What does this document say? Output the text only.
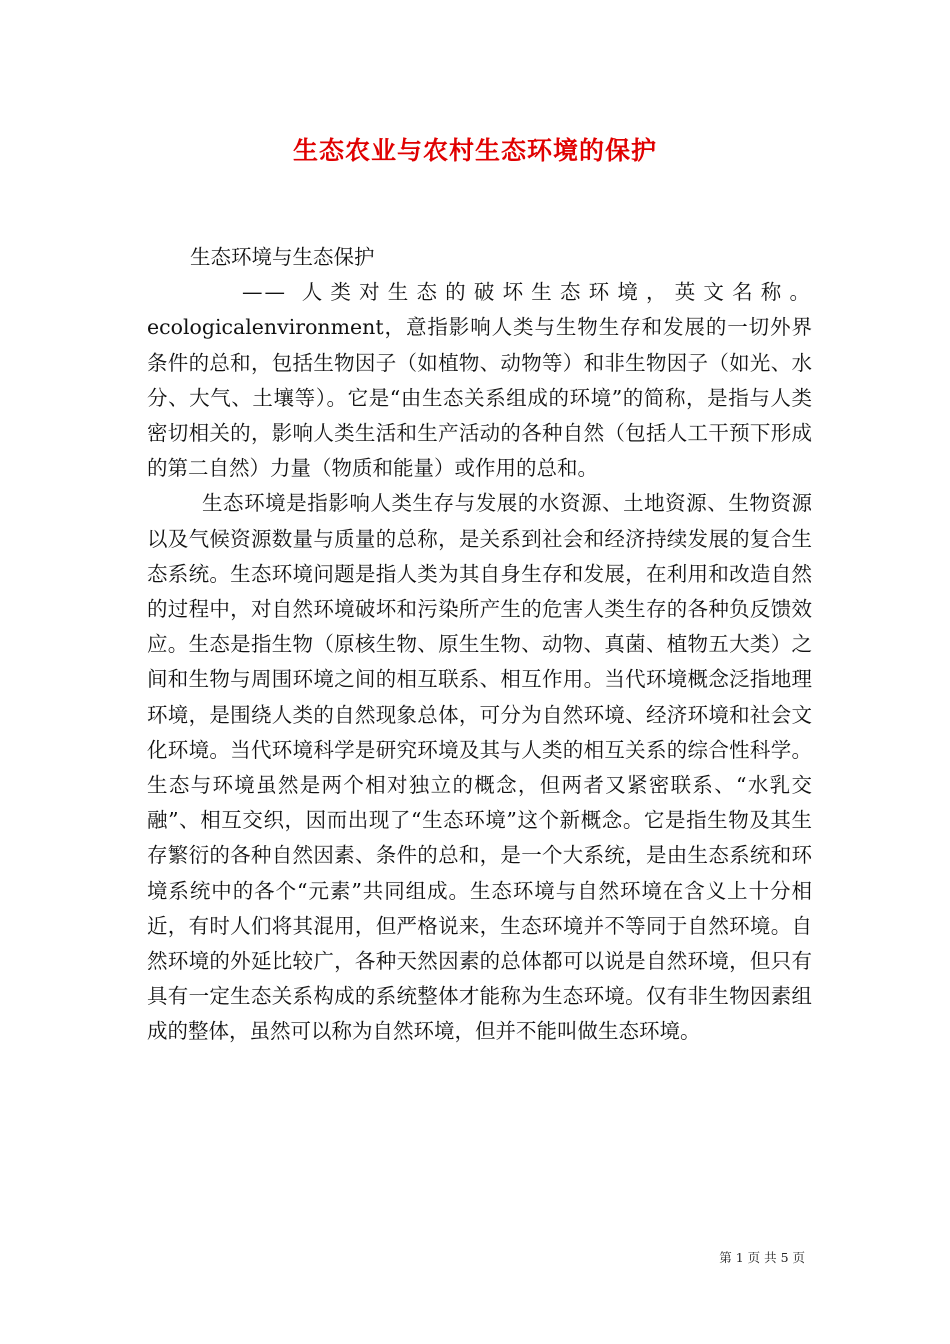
生态农业与农村生态环境的保护

生态环境与生态保护

—— 人类对生态的破坏生态环境，英文名称。

ecologicalenvironment，意指影响人类与生物生存和发展的一切外界条件的总和，包括生物因子（如植物、动物等）和非生物因子（如光、水分、大气、土壤等）。它是“由生态关系组成的环境”的简称，是指与人类密切相关的，影响人类生活和生产活动的各种自然（包括人工干预下形成的第二自然）力量（物质和能量）或作用的总和。

生态环境是指影响人类生存与发展的水资源、土地资源、生物资源以及气候资源数量与质量的总称，是关系到社会和经济持续发展的复合生态系统。生态环境问题是指人类为其自身生存和发展，在利用和改造自然的过程中，对自然环境破坏和污染所产生的危害人类生存的各种负反馈效应。生态是指生物（原核生物、原生生物、动物、真菌、植物五大类）之间和生物与周围环境之间的相互联系、相互作用。当代环境概念泛指地理环境，是围绕人类的自然现象总体，可分为自然环境、经济环境和社会文化环境。当代环境科学是研究环境及其与人类的相互关系的综合性科学。生态与环境虽然是两个相对独立的概念，但两者又紧密联系、“水乳交融”、相互交织，因而出现了“生态环境”这个新概念。它是指生物及其生存繁衍的各种自然因素、条件的总和，是一个大系统，是由生态系统和环境系统中的各个“元素”共同组成。生态环境与自然环境在含义上十分相近，有时人们将其混用，但严格说来，生态环境并不等同于自然环境。自然环境的外延比较广，各种天然因素的总体都可以说是自然环境，但只有具有一定生态关系构成的系统整体才能称为生态环境。仅有非生物因素组成的整体，虽然可以称为自然环境，但并不能叫做生态环境。

第 1 页 共 5 页
